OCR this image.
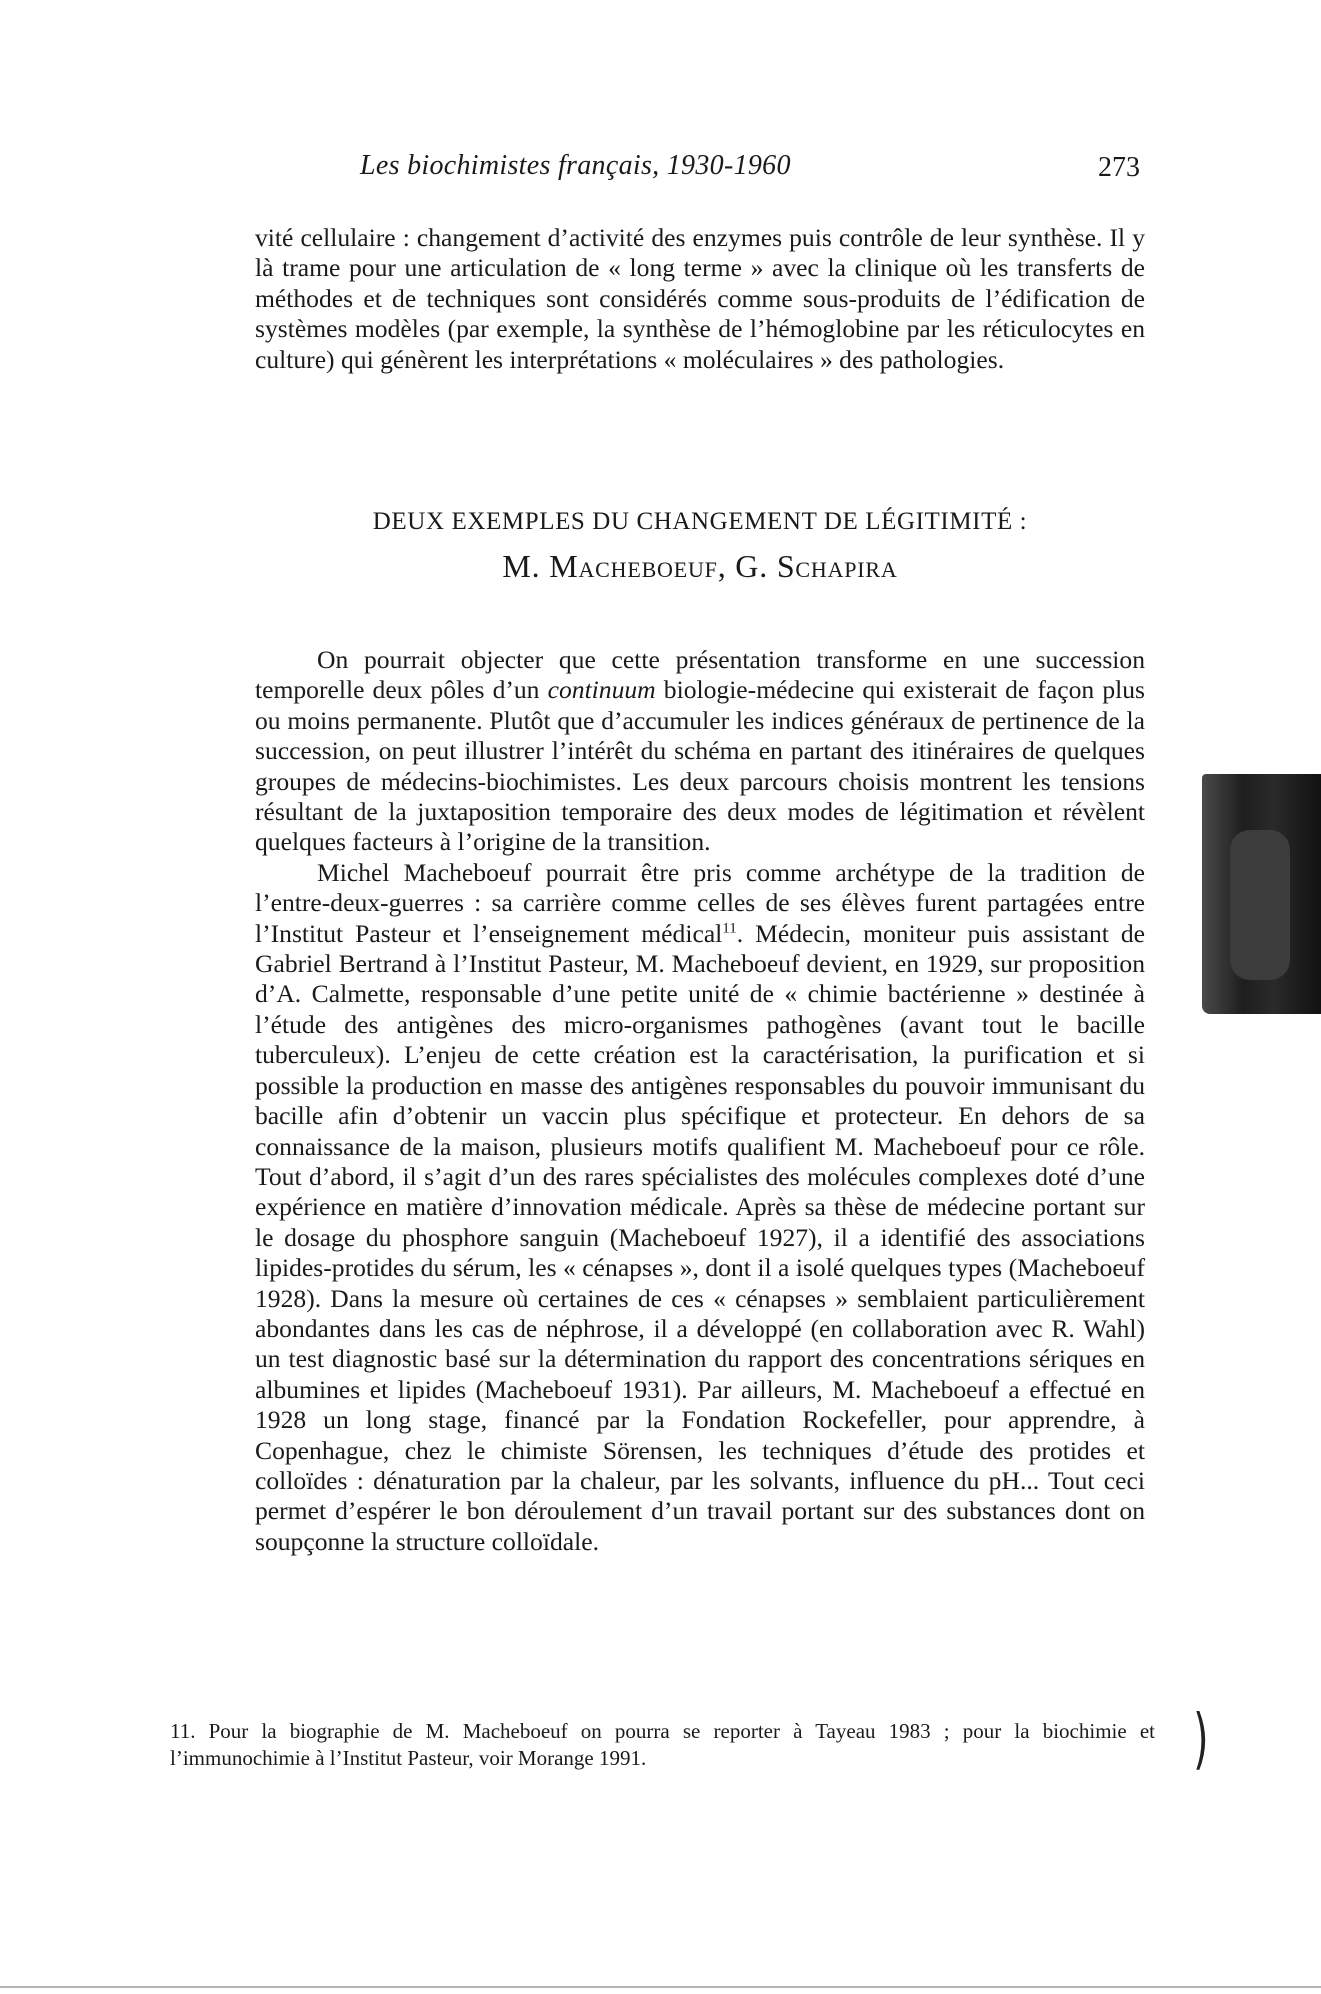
Les biochimistes français, 1930-1960	273

vité cellulaire : changement d’activité des enzymes puis contrôle de leur synthèse. Il y là trame pour une articulation de « long terme » avec la clinique où les transferts de méthodes et de techniques sont considérés comme sous-produits de l’édification de systèmes modèles (par exemple, la synthèse de l’hémoglobine par les réticulocytes en culture) qui génèrent les interprétations « moléculaires » des pathologies.

DEUX EXEMPLES DU CHANGEMENT DE LÉGITIMITÉ :
M. Macheboeuf, G. Schapira

On pourrait objecter que cette présentation transforme en une succession temporelle deux pôles d’un continuum biologie-médecine qui existerait de façon plus ou moins permanente. Plutôt que d’accumuler les indices généraux de pertinence de la succession, on peut illustrer l’intérêt du schéma en partant des itinéraires de quelques groupes de médecins-biochimistes. Les deux parcours choisis montrent les tensions résultant de la juxtaposition temporaire des deux modes de légitimation et révèlent quelques facteurs à l’origine de la transition.

Michel Macheboeuf pourrait être pris comme archétype de la tradition de l’entre-deux-guerres : sa carrière comme celles de ses élèves furent partagées entre l’Institut Pasteur et l’enseignement médical$^{11}$. Médecin, moniteur puis assistant de Gabriel Bertrand à l’Institut Pasteur, M. Macheboeuf devient, en 1929, sur proposition d’A. Calmette, responsable d’une petite unité de « chimie bactérienne » destinée à l’étude des antigènes des micro-organismes pathogènes (avant tout le bacille tuberculeux). L’enjeu de cette création est la caractérisation, la purification et si possible la production en masse des antigènes responsables du pouvoir immunisant du bacille afin d’obtenir un vaccin plus spécifique et protecteur. En dehors de sa connaissance de la maison, plusieurs motifs qualifient M. Macheboeuf pour ce rôle. Tout d’abord, il s’agit d’un des rares spécialistes des molécules complexes doté d’une expérience en matière d’innovation médicale. Après sa thèse de médecine portant sur le dosage du phosphore sanguin (Macheboeuf 1927), il a identifié des associations lipides-protides du sérum, les « cénapses », dont il a isolé quelques types (Macheboeuf 1928). Dans la mesure où certaines de ces « cénapses » semblaient particulièrement abondantes dans les cas de néphrose, il a développé (en collaboration avec R. Wahl) un test diagnostic basé sur la détermination du rapport des concentrations sériques en albumines et lipides (Macheboeuf 1931). Par ailleurs, M. Macheboeuf a effectué en 1928 un long stage, financé par la Fondation Rockefeller, pour apprendre, à Copenhague, chez le chimiste Sörensen, les techniques d’étude des protides et colloïdes : dénaturation par la chaleur, par les solvants, influence du pH... Tout ceci permet d’espérer le bon déroulement d’un travail portant sur des substances dont on soupçonne la structure colloïdale.

11. Pour la biographie de M. Macheboeuf on pourra se reporter à Tayeau 1983 ; pour la biochimie et l’immunochimie à l’Institut Pasteur, voir Morange 1991.	)
